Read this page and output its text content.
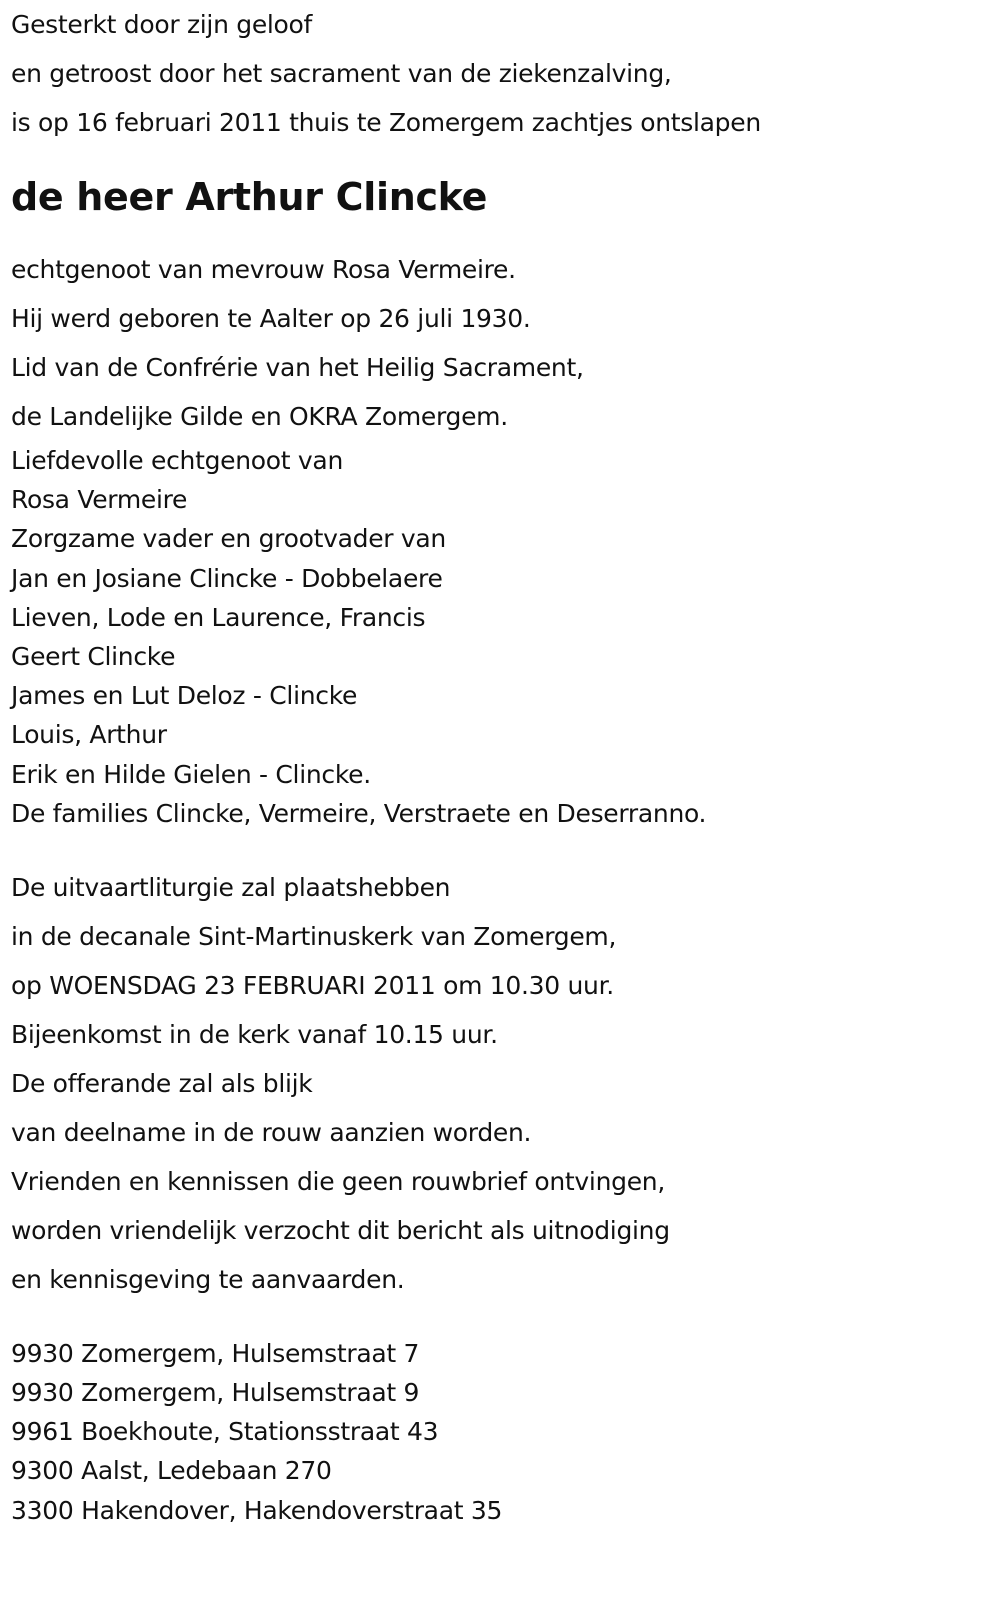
Gesterkt door zijn geloof
en getroost door het sacrament van de ziekenzalving,
is op 16 februari 2011 thuis te Zomergem zachtjes ontslapen
de heer Arthur Clincke
echtgenoot van mevrouw Rosa Vermeire.
Hij werd geboren te Aalter op 26 juli 1930.
Lid van de Confrérie van het Heilig Sacrament,
de Landelijke Gilde en OKRA Zomergem.
Liefdevolle echtgenoot van
Rosa Vermeire
Zorgzame vader en grootvader van
Jan en Josiane Clincke - Dobbelaere
Lieven, Lode en Laurence, Francis
Geert Clincke
James en Lut Deloz - Clincke
Louis, Arthur
Erik en Hilde Gielen - Clincke.
De families Clincke, Vermeire, Verstraete en Deserranno.
De uitvaartliturgie zal plaatshebben
in de decanale Sint-Martinuskerk van Zomergem,
op WOENSDAG 23 FEBRUARI 2011 om 10.30 uur.
Bijeenkomst in de kerk vanaf 10.15 uur.
De offerande zal als blijk
van deelname in de rouw aanzien worden.
Vrienden en kennissen die geen rouwbrief ontvingen,
worden vriendelijk verzocht dit bericht als uitnodiging
en kennisgeving te aanvaarden.
9930 Zomergem, Hulsemstraat 7
9930 Zomergem, Hulsemstraat 9
9961 Boekhoute, Stationsstraat 43
9300 Aalst, Ledebaan 270
3300 Hakendover, Hakendoverstraat 35
